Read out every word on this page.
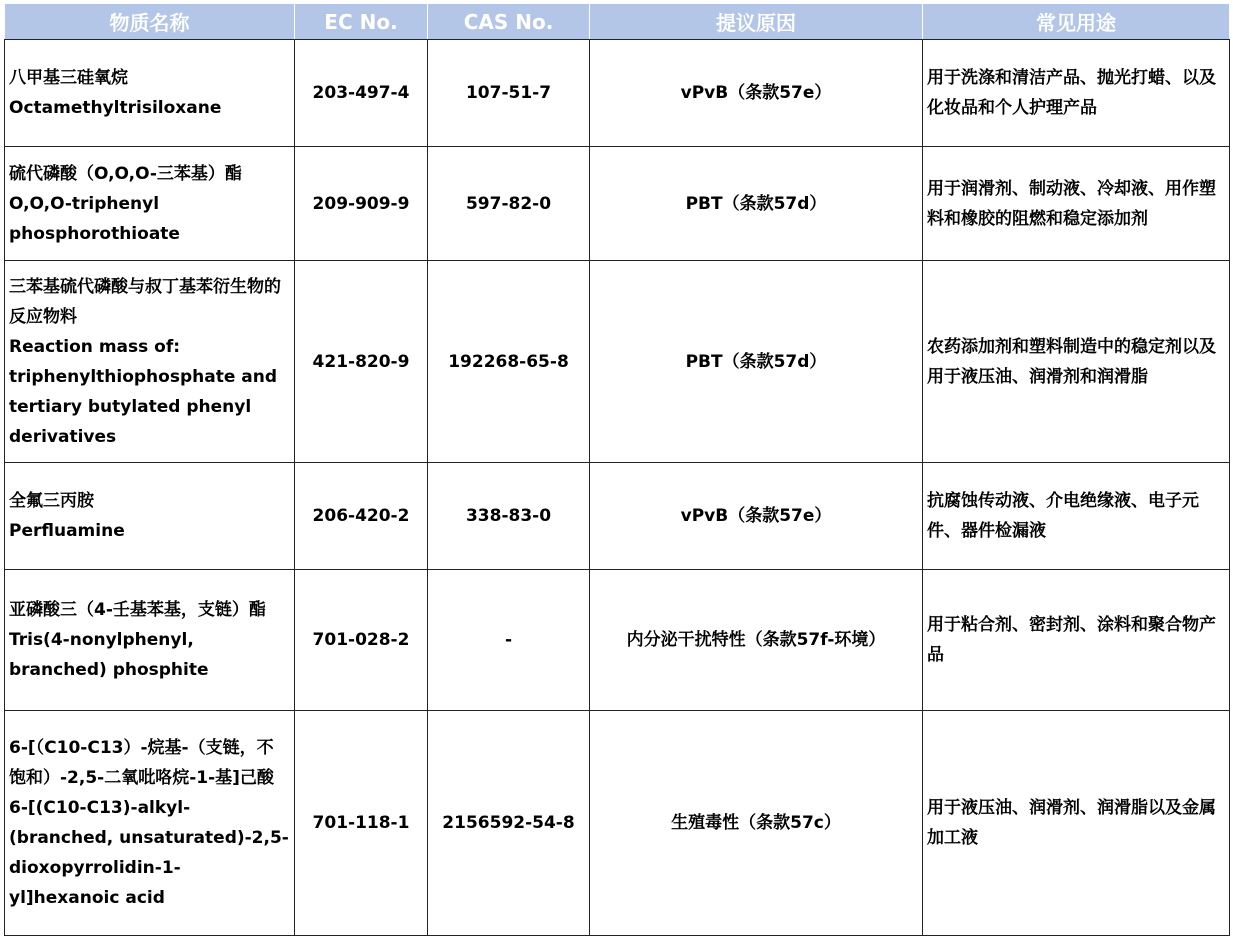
物质名称	EC No.	CAS No.	提议原因	常见用途

八甲基三硅氧烷
Octamethyltrisiloxane	203-497-4	107-51-7	vPvB（条款57e）	用于洗涤和清洁产品、抛光打蜡、以及化妆品和个人护理产品

硫代磷酸（O,O,O-三苯基）酯
O,O,O-triphenyl phosphorothioate	209-909-9	597-82-0	PBT（条款57d）	用于润滑剂、制动液、冷却液、用作塑料和橡胶的阻燃和稳定添加剂

三苯基硫代磷酸与叔丁基苯衍生物的反应物料
Reaction mass of: triphenylthiophosphate and tertiary butylated phenyl derivatives	421-820-9	192268-65-8	PBT（条款57d）	农药添加剂和塑料制造中的稳定剂以及用于液压油、润滑剂和润滑脂

全氟三丙胺
Perfluamine	206-420-2	338-83-0	vPvB（条款57e）	抗腐蚀传动液、介电绝缘液、电子元件、器件检漏液

亚磷酸三（4-壬基苯基，支链）酯
Tris(4-nonylphenyl, branched) phosphite	701-028-2	-	内分泌干扰特性（条款57f-环境）	用于粘合剂、密封剂、涂料和聚合物产品

6-[（C10-C13）-烷基-（支链，不饱和）-2,5-二氧吡咯烷-1-基]己酸
6-[(C10-C13)-alkyl-(branched, unsaturated)-2,5-dioxopyrrolidin-1-yl]hexanoic acid	701-118-1	2156592-54-8	生殖毒性（条款57c）	用于液压油、润滑剂、润滑脂以及金属加工液
